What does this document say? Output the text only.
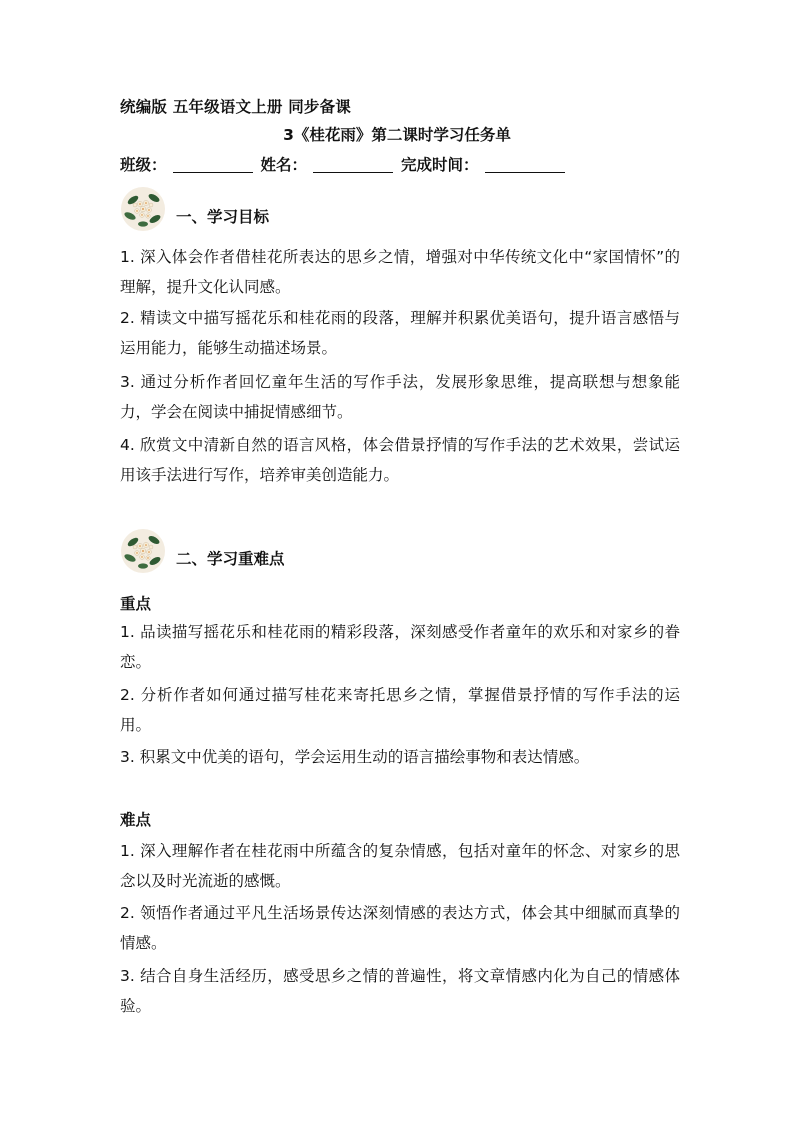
统编版 五年级语文上册 同步备课
3《桂花雨》第二课时学习任务单
班级：	姓名：	完成时间：
一、学习目标

1. 深入体会作者借桂花所表达的思乡之情，增强对中华传统文化中“家国情怀”的理解，提升文化认同感。

2. 精读文中描写摇花乐和桂花雨的段落，理解并积累优美语句，提升语言感悟与运用能力，能够生动描述场景。

3. 通过分析作者回忆童年生活的写作手法，发展形象思维，提高联想与想象能力，学会在阅读中捕捉情感细节。

4. 欣赏文中清新自然的语言风格，体会借景抒情的写作手法的艺术效果，尝试运用该手法进行写作，培养审美创造能力。

二、学习重难点
重点

1. 品读描写摇花乐和桂花雨的精彩段落，深刻感受作者童年的欢乐和对家乡的眷恋。

2. 分析作者如何通过描写桂花来寄托思乡之情，掌握借景抒情的写作手法的运用。

3. 积累文中优美的语句，学会运用生动的语言描绘事物和表达情感。

难点

1. 深入理解作者在桂花雨中所蕴含的复杂情感，包括对童年的怀念、对家乡的思念以及时光流逝的感慨。

2. 领悟作者通过平凡生活场景传达深刻情感的表达方式，体会其中细腻而真挚的情感。

3. 结合自身生活经历，感受思乡之情的普遍性，将文章情感内化为自己的情感体验。
